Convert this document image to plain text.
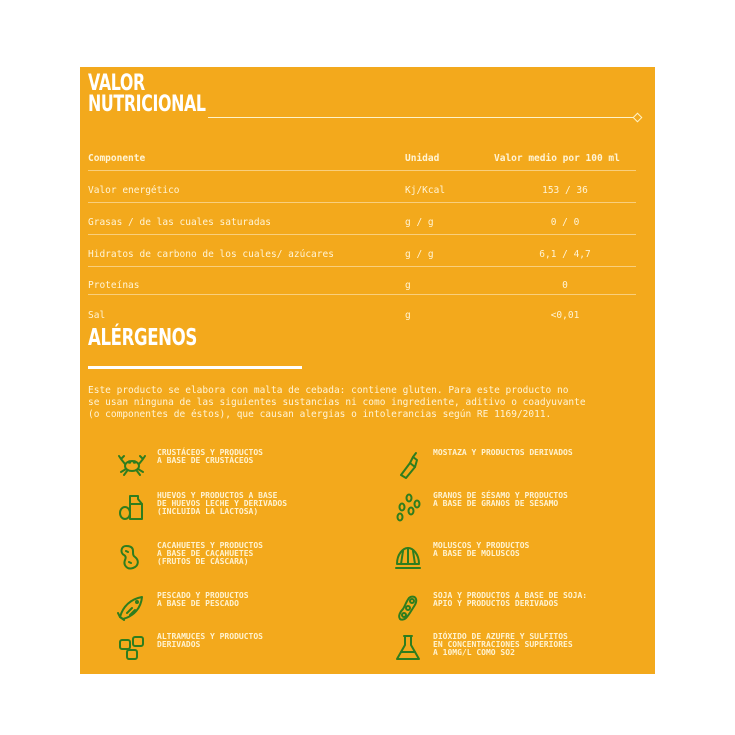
VALOR
NUTRICIONAL
Componente	Unidad	Valor medio por 100 ml
Valor energético	Kj/Kcal	153 / 36
Grasas / de las cuales saturadas	g / g	0 / 0
Hidratos de carbono de los cuales/ azúcares	g / g	6,1 / 4,7
Proteínas	g	0
Sal	g	<0,01
ALÉRGENOS
Este producto se elabora con malta de cebada: contiene gluten. Para este producto no
se usan ninguna de las siguientes sustancias ni como ingrediente, aditivo o coadyuvante
(o componentes de éstos), que causan alergias o intolerancias según RE 1169/2011.
CRUSTÁCEOS Y PRODUCTOS
A BASE DE CRUSTÁCEOS
MOSTAZA Y PRODUCTOS DERIVADOS
HUEVOS Y PRODUCTOS A BASE
DE HUEVOS LECHE Y DERIVADOS
(INCLUIDA LA LACTOSA)
GRANOS DE SÉSAMO Y PRODUCTOS
A BASE DE GRANOS DE SÉSAMO
CACAHUETES Y PRODUCTOS
A BASE DE CACAHUETES
(FRUTOS DE CÁSCARA)
MOLUSCOS Y PRODUCTOS
A BASE DE MOLUSCOS
PESCADO Y PRODUCTOS
A BASE DE PESCADO
SOJA Y PRODUCTOS A BASE DE SOJA:
APIO Y PRODUCTOS DERIVADOS
ALTRAMUCES Y PRODUCTOS
DERIVADOS
DIÓXIDO DE AZUFRE Y SULFITOS
EN CONCENTRACIONES SUPERIORES
A 10MG/L COMO SO2
